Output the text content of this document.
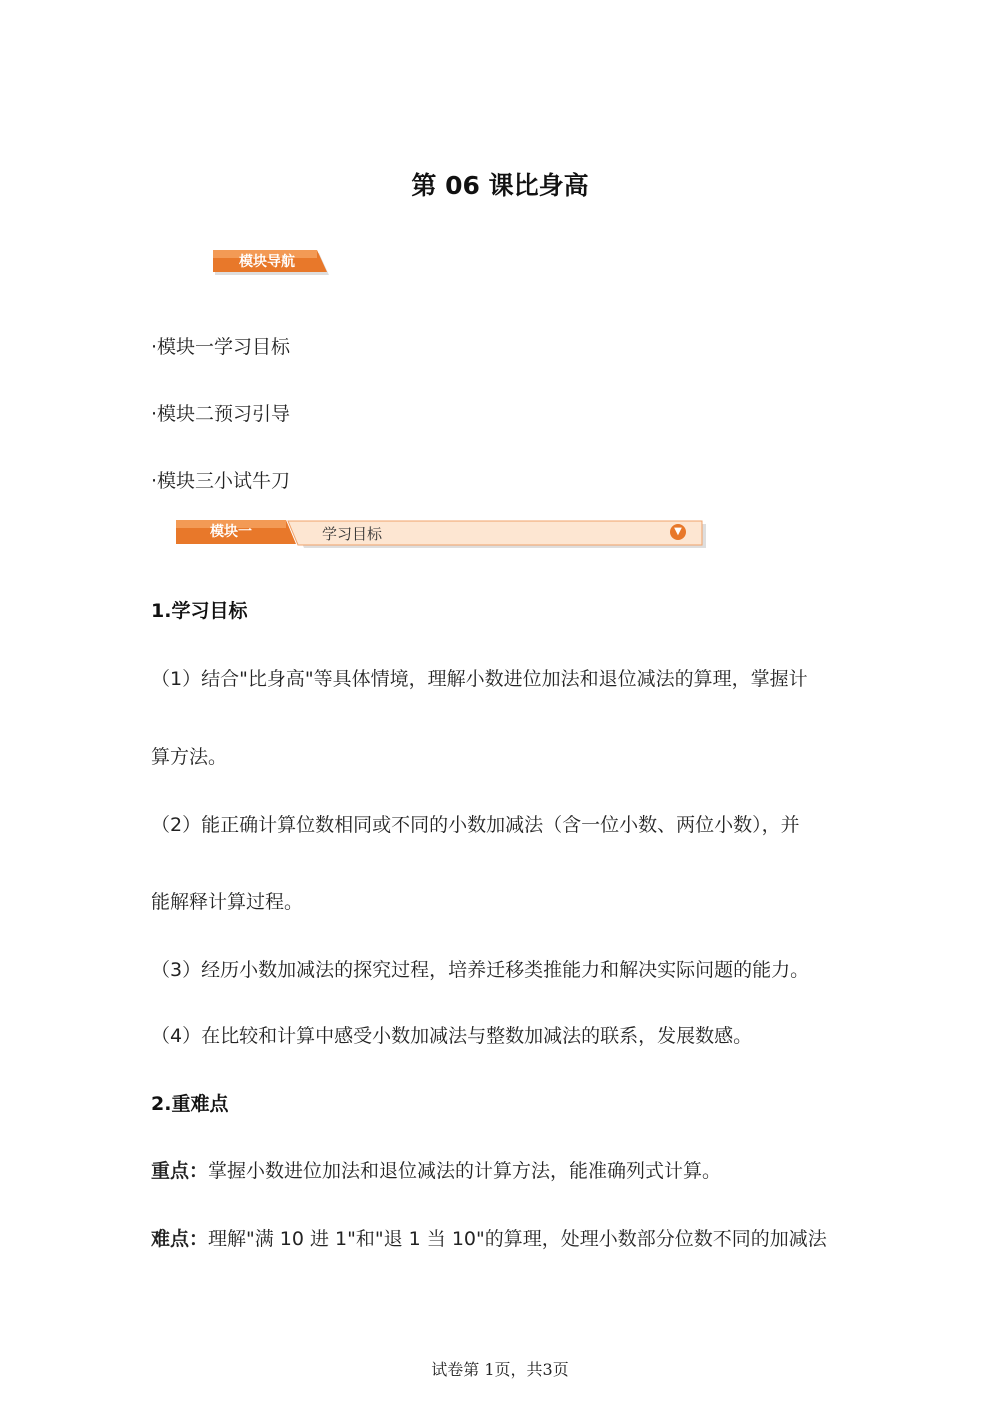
第 06 课比身高
模块导航
·模块一学习目标
·模块二预习引导
·模块三小试牛刀
模块一	学习目标	▼
1.学习目标
（1）结合"比身高"等具体情境，理解小数进位加法和退位减法的算理，掌握计
算方法。
（2）能正确计算位数相同或不同的小数加减法（含一位小数、两位小数），并
能解释计算过程。
（3）经历小数加减法的探究过程，培养迁移类推能力和解决实际问题的能力。
（4）在比较和计算中感受小数加减法与整数加减法的联系，发展数感。
2.重难点
重点：掌握小数进位加法和退位减法的计算方法，能准确列式计算。
难点：理解"满 10 进 1"和"退 1 当 10"的算理，处理小数部分位数不同的加减法
试卷第 1页，共3页
